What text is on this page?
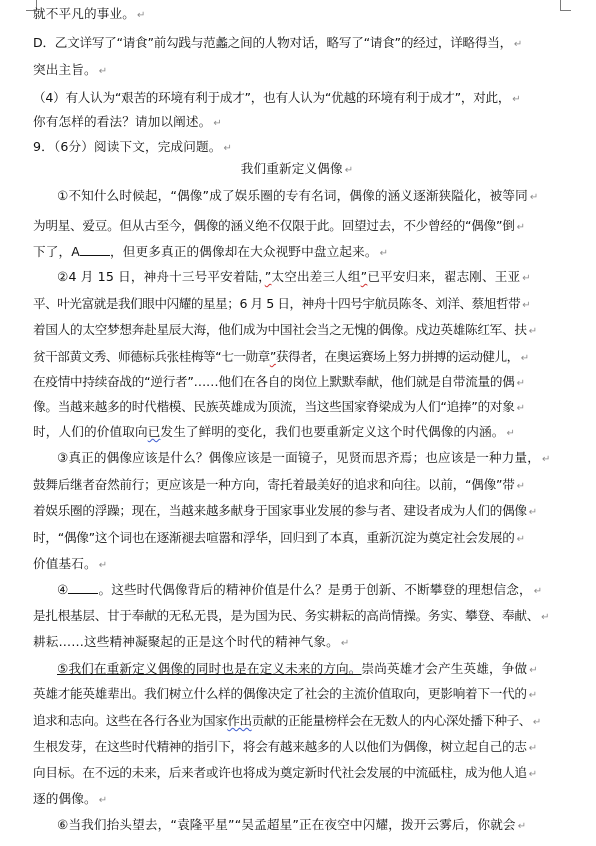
就不平凡的事业。 ↵
D．乙文详写了“请食”前勾践与范蠡之间的人物对话，略写了“请食”的经过，详略得当， ↵
突出主旨。 ↵
（4）有人认为“艰苦的环境有利于成才”，也有人认为“优越的环境有利于成才”，对此， ↵
你有怎样的看法？请加以阐述。 ↵
9．（6分）阅读下文，完成问题。 ↵
我们重新定义偶像 ↵
①不知什么时候起，“偶像”成了娱乐圈的专有名词，偶像的涵义逐渐狭隘化，被等同 ↵
为明星、爱豆。但从古至今，偶像的涵义绝不仅限于此。回望过去，不少曾经的“偶像”倒 ↵
下了，A ，但更多真正的偶像却在大众视野中盘立起来。 ↵
②4 月 15 日，神舟十三号平安着陆，”太空出差三人组”已平安归来，翟志刚、王亚 ↵
平、叶光富就是我们眼中闪耀的星星；6 月 5 日，神舟十四号宇航员陈冬、刘洋、蔡旭哲带 ↵
着国人的太空梦想奔赴星辰大海，他们成为中国社会当之无愧的偶像。戍边英雄陈红军、扶 ↵
贫干部黄文秀、师德标兵张桂梅等“七一勋章”获得者，在奥运赛场上努力拼搏的运动健儿， ↵
在疫情中持续奋战的“逆行者”……他们在各自的岗位上默默奉献，他们就是自带流量的偶 ↵
像。当越来越多的时代楷模、民族英雄成为顶流，当这些国家脊梁成为人们“追捧”的对象 ↵
时，人们的价值取向已发生了鲜明的变化，我们也要重新定义这个时代偶像的内涵。 ↵
③真正的偶像应该是什么？偶像应该是一面镜子，见贤而思齐焉；也应该是一种力量， ↵
鼓舞后继者奋然前行；更应该是一种方向，寄托着最美好的追求和向往。以前，“偶像”带 ↵
着娱乐圈的浮躁；现在，当越来越多献身于国家事业发展的参与者、建设者成为人们的偶像 ↵
时，“偶像”这个词也在逐渐褪去喧嚣和浮华，回归到了本真，重新沉淀为奠定社会发展的 ↵
价值基石。 ↵
④ 。这些时代偶像背后的精神价值是什么？是勇于创新、不断攀登的理想信念， ↵
是扎根基层、甘于奉献的无私无畏，是为国为民、务实耕耘的高尚情操。务实、攀登、奉献、 ↵
耕耘……这些精神凝聚起的正是这个时代的精神气象。 ↵
⑤我们在重新定义偶像的同时也是在定义未来的方向。崇尚英雄才会产生英雄，争做 ↵
英雄才能英雄辈出。我们树立什么样的偶像决定了社会的主流价值取向，更影响着下一代的 ↵
追求和志向。这些在各行各业为国家作出贡献的正能量榜样会在无数人的内心深处播下种子、 ↵
生根发芽，在这些时代精神的指引下，将会有越来越多的人以他们为偶像，树立起自己的志 ↵
向目标。在不远的未来，后来者或许也将成为奠定新时代社会发展的中流砥柱，成为他人追 ↵
逐的偶像。 ↵
⑥当我们抬头望去，“袁隆平星”“吴孟超星”正在夜空中闪耀，拨开云雾后，你就会 ↵
